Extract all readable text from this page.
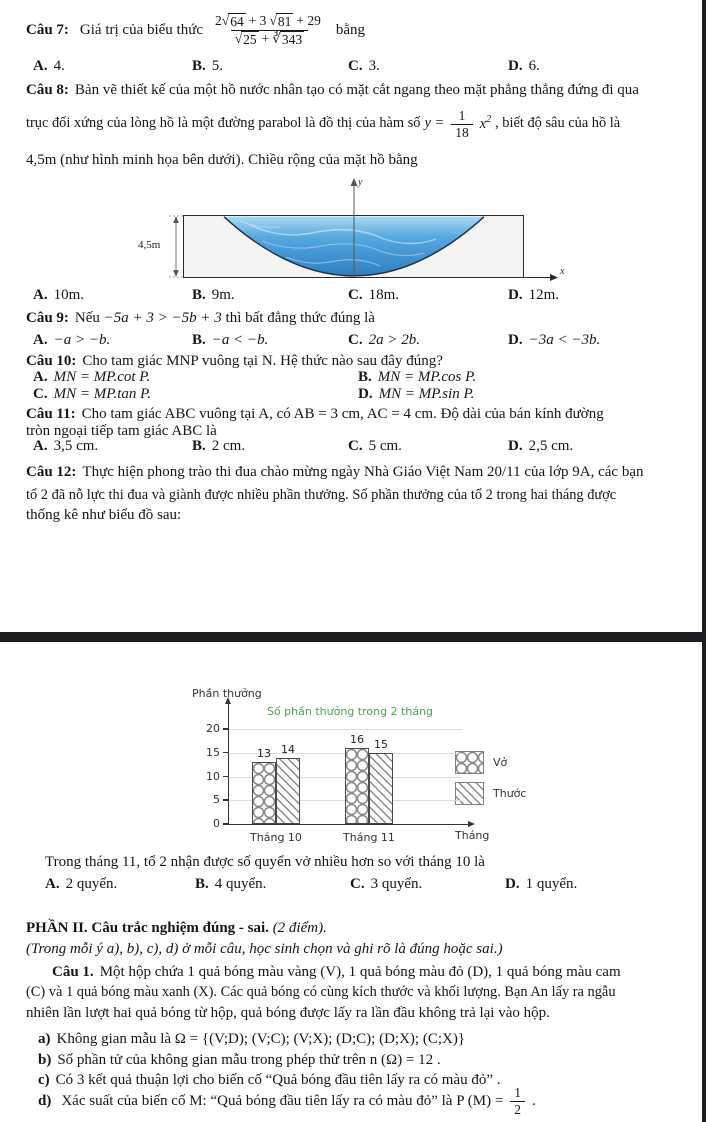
Câu 7: Giá trị của biểu thức $\frac{2 √ 64 + 3 √ 81 + 29}{√ 25 + ∛ 343}$ bằng
A. 4.	B. 5.	C. 3.	D. 6.
Câu 8: Bản vẽ thiết kế của một hồ nước nhân tạo có mặt cắt ngang theo mặt phẳng thẳng đứng đi qua
trục đối xứng của lòng hồ là một đường parabol là đồ thị của hàm số $y = \frac{1}{18} x^2$ , biết độ sâu của hồ là
4,5m (như hình minh họa bên dưới). Chiều rộng của mặt hồ bằng
4,5m
y
x
O
A. 10m.	B. 9m.	C. 18m.	D. 12m.
Câu 9: Nếu −5a + 3 > −5b + 3 thì bất đẳng thức đúng là
A. −a > −b.	B. −a < −b.	C. 2a > 2b.	D. −3a < −3b.
Câu 10: Cho tam giác MNP vuông tại N. Hệ thức nào sau đây đúng?
A. MN = MP.cot P.	B. MN = MP.cos P.
C. MN = MP.tan P.	D. MN = MP.sin P.
Câu 11: Cho tam giác ABC vuông tại A, có AB = 3 cm, AC = 4 cm. Độ dài của bán kính đường
tròn ngoại tiếp tam giác ABC là
A. 3,5 cm.	B. 2 cm.	C. 5 cm.	D. 2,5 cm.
Câu 12: Thực hiện phong trào thi đua chào mừng ngày Nhà Giáo Việt Nam 20/11 của lớp 9A, các bạn
tổ 2 đã nỗ lực thi đua và giành được nhiều phần thưởng. Số phần thưởng của tổ 2 trong hai tháng được
thống kê như biểu đồ sau:
Số phần thưởng trong 2 tháng
Phần thưởng
Tháng
Vở
Thước
0
5
10
15
20
13
16
14	15
Tháng 10	Tháng 11
Trong tháng 11, tổ 2 nhận được số quyển vở nhiều hơn so với tháng 10 là
A. 2 quyển.	B. 4 quyển.	C. 3 quyển.	D. 1 quyển.
PHẦN II. Câu trắc nghiệm đúng - sai. (2 điểm).
(Trong mỗi ý a), b), c), d) ở mỗi câu, học sinh chọn và ghi rõ là đúng hoặc sai.)
Câu 1. Một hộp chứa 1 quả bóng màu vàng (V), 1 quả bóng màu đỏ (D), 1 quả bóng màu cam
(C) và 1 quả bóng màu xanh (X). Các quả bóng có cùng kích thước và khối lượng. Bạn An lấy ra ngẫu
nhiên lần lượt hai quả bóng từ hộp, quả bóng được lấy ra lần đầu không trả lại vào hộp.
a) Không gian mẫu là Ω = {(V;D); (V;C); (V;X); (D;C); (D;X); (C;X)}
b) Số phần tử của không gian mẫu trong phép thử trên n (Ω) = 12 .
c) Có 3 kết quả thuận lợi cho biến cố “Quả bóng đầu tiên lấy ra có màu đỏ” .
d) Xác suất của biến cố M: “Quả bóng đầu tiên lấy ra có màu đỏ” là P $(M) = \frac{1}{2}$ .
